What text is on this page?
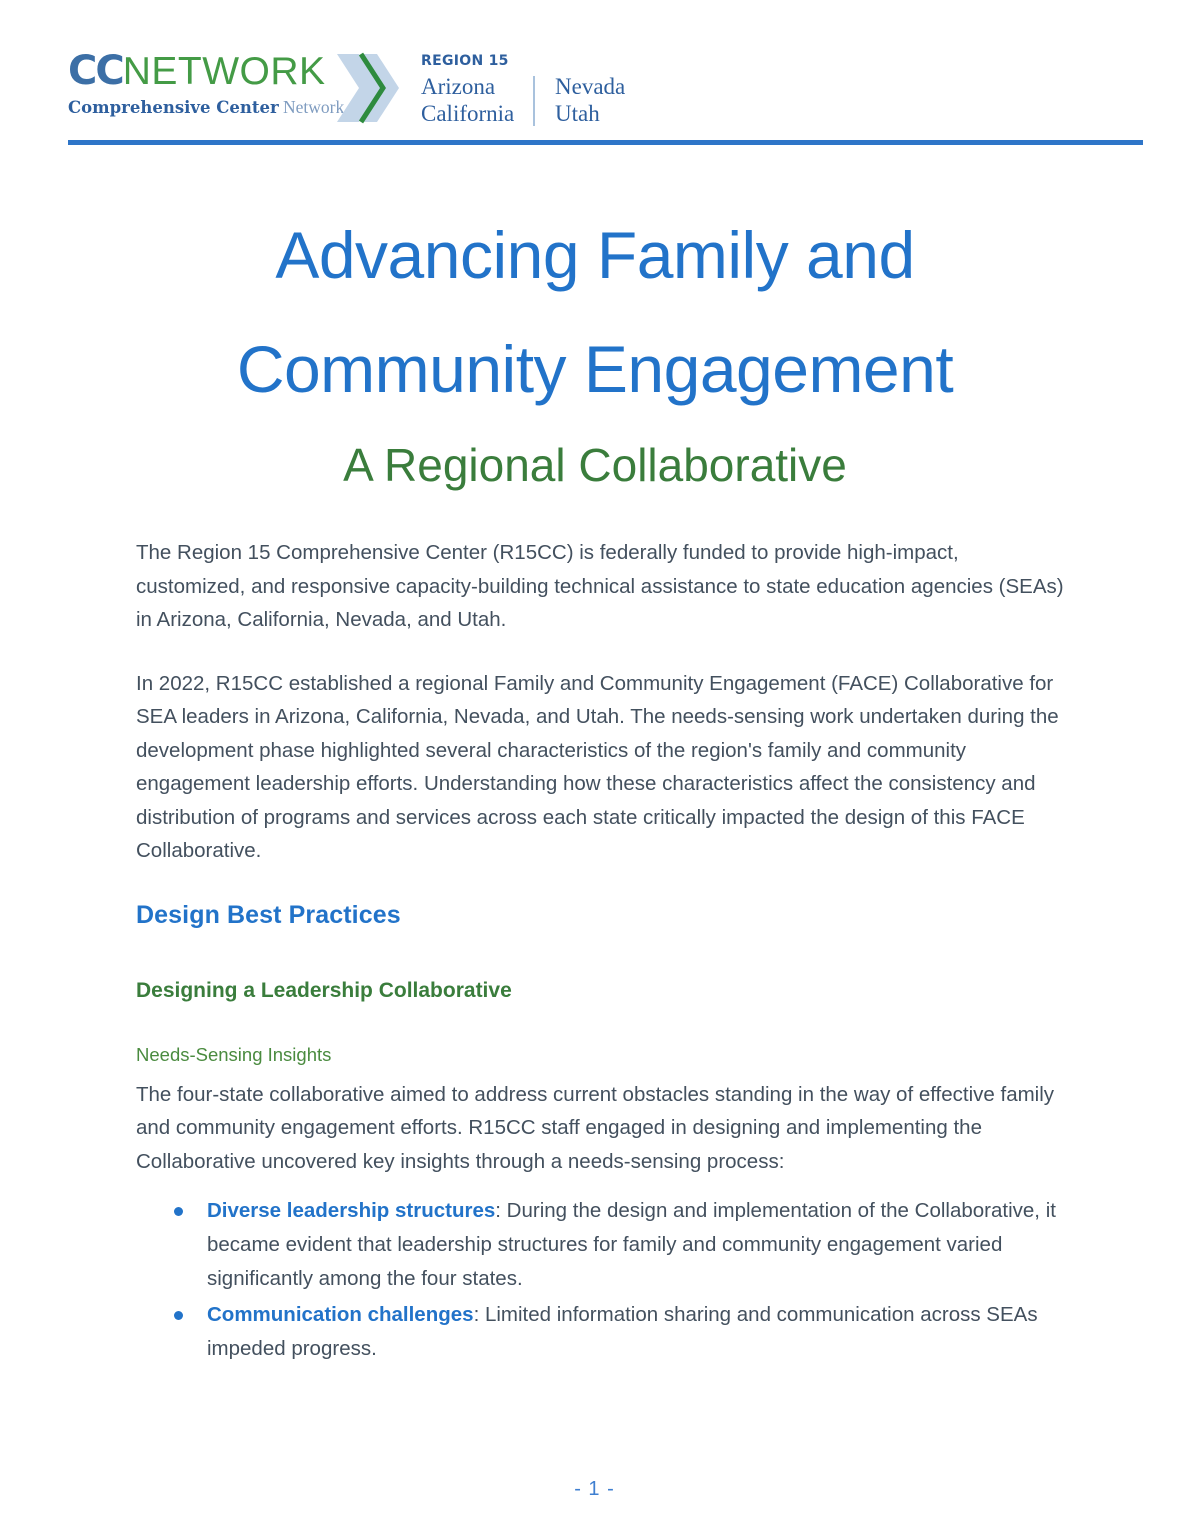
CCNETWORK
Comprehensive Center Network
REGION 15
Arizona
California
Nevada
Utah
Advancing Family and
Community Engagement
A Regional Collaborative

The Region 15 Comprehensive Center (R15CC) is federally funded to provide high-impact, customized, and responsive capacity-building technical assistance to state education agencies (SEAs) in Arizona, California, Nevada, and Utah.

In 2022, R15CC established a regional Family and Community Engagement (FACE) Collaborative for SEA leaders in Arizona, California, Nevada, and Utah. The needs-sensing work undertaken during the development phase highlighted several characteristics of the region's family and community engagement leadership efforts. Understanding how these characteristics affect the consistency and distribution of programs and services across each state critically impacted the design of this FACE Collaborative.

Design Best Practices
Designing a Leadership Collaborative
Needs-Sensing Insights

The four-state collaborative aimed to address current obstacles standing in the way of effective family and community engagement efforts. R15CC staff engaged in designing and implementing the Collaborative uncovered key insights through a needs-sensing process:

Diverse leadership structures: During the design and implementation of the Collaborative, it became evident that leadership structures for family and community engagement varied significantly among the four states.
Communication challenges: Limited information sharing and communication across SEAs impeded progress.
- 1 -
